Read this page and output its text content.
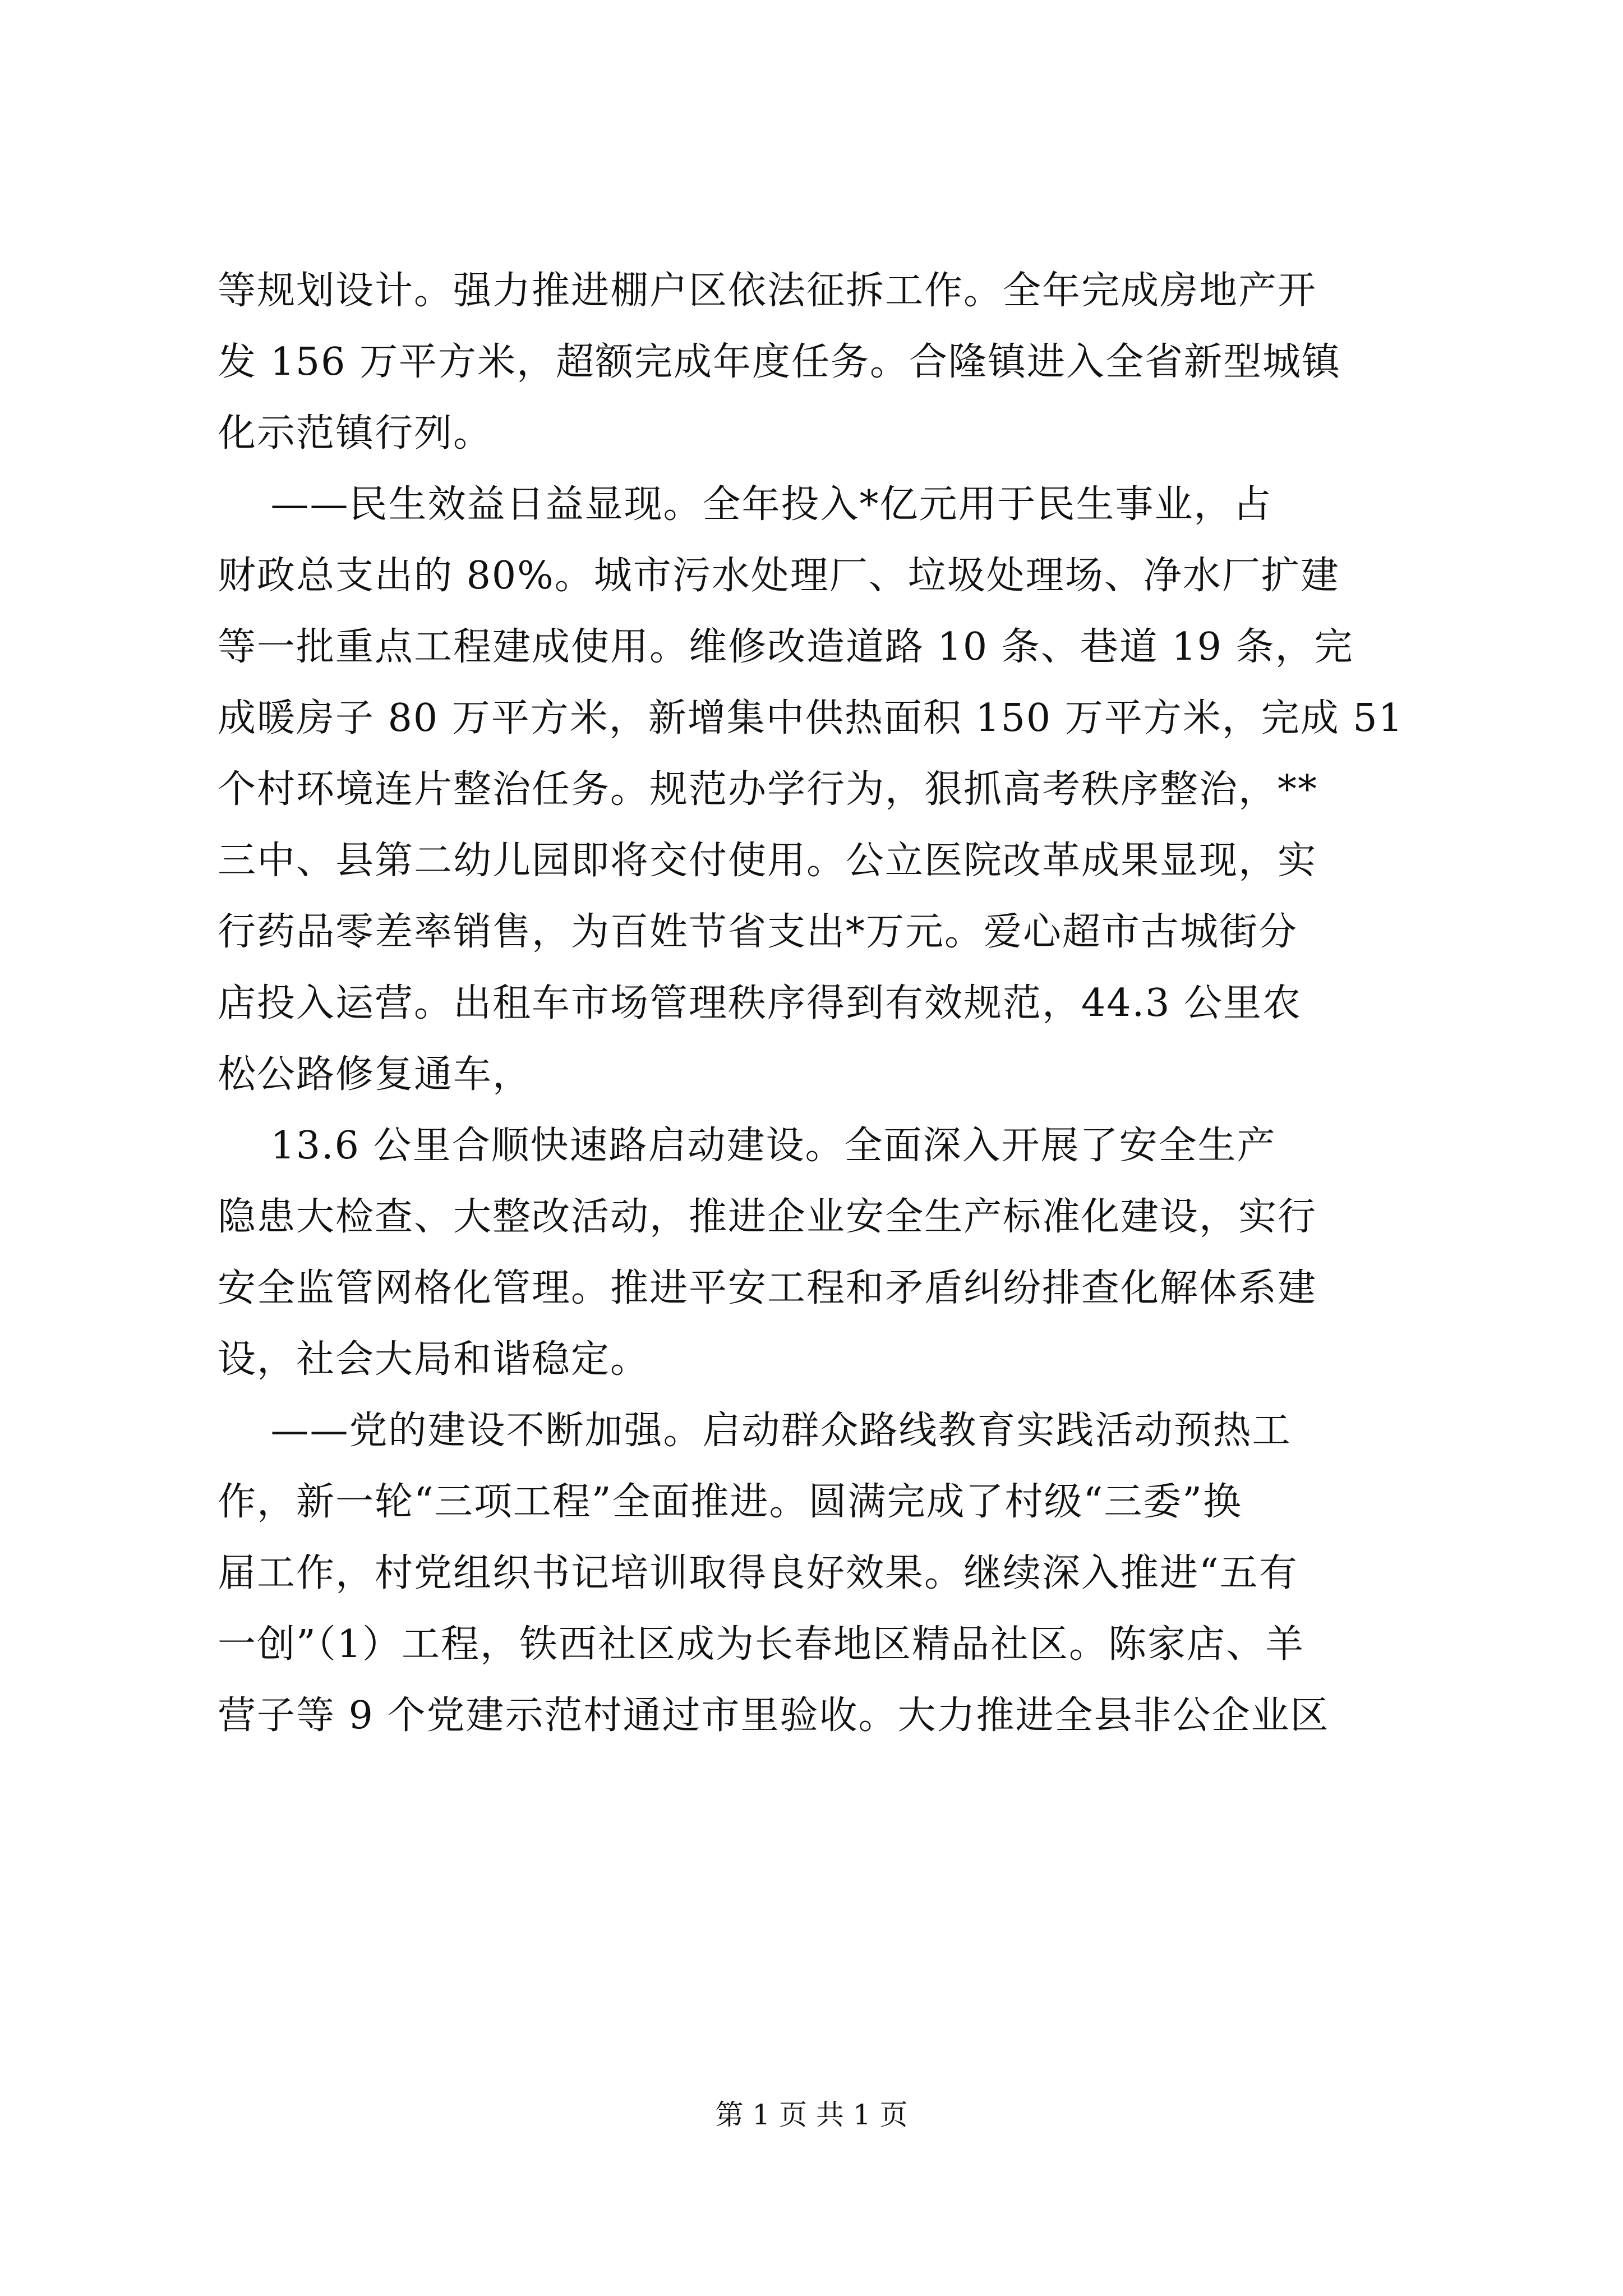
等规划设计。强力推进棚户区依法征拆工作。全年完成房地产开
发 156 万平方米，超额完成年度任务。合隆镇进入全省新型城镇
化示范镇行列。
——民生效益日益显现。全年投入*亿元用于民生事业，占
财政总支出的 80%。城市污水处理厂、垃圾处理场、净水厂扩建
等一批重点工程建成使用。维修改造道路 10 条、巷道 19 条，完
成暖房子 80 万平方米，新增集中供热面积 150 万平方米，完成 51
个村环境连片整治任务。规范办学行为，狠抓高考秩序整治，**
三中、县第二幼儿园即将交付使用。公立医院改革成果显现，实
行药品零差率销售，为百姓节省支出*万元。爱心超市古城街分
店投入运营。出租车市场管理秩序得到有效规范，44.3 公里农
松公路修复通车，
13.6 公里合顺快速路启动建设。全面深入开展了安全生产
隐患大检查、大整改活动，推进企业安全生产标准化建设，实行
安全监管网格化管理。推进平安工程和矛盾纠纷排查化解体系建
设，社会大局和谐稳定。
——党的建设不断加强。启动群众路线教育实践活动预热工
作，新一轮“三项工程”全面推进。圆满完成了村级“三委”换
届工作，村党组织书记培训取得良好效果。继续深入推进“五有
一创”（1）工程，铁西社区成为长春地区精品社区。陈家店、羊
营子等 9 个党建示范村通过市里验收。大力推进全县非公企业区
第 1 页 共 1 页
